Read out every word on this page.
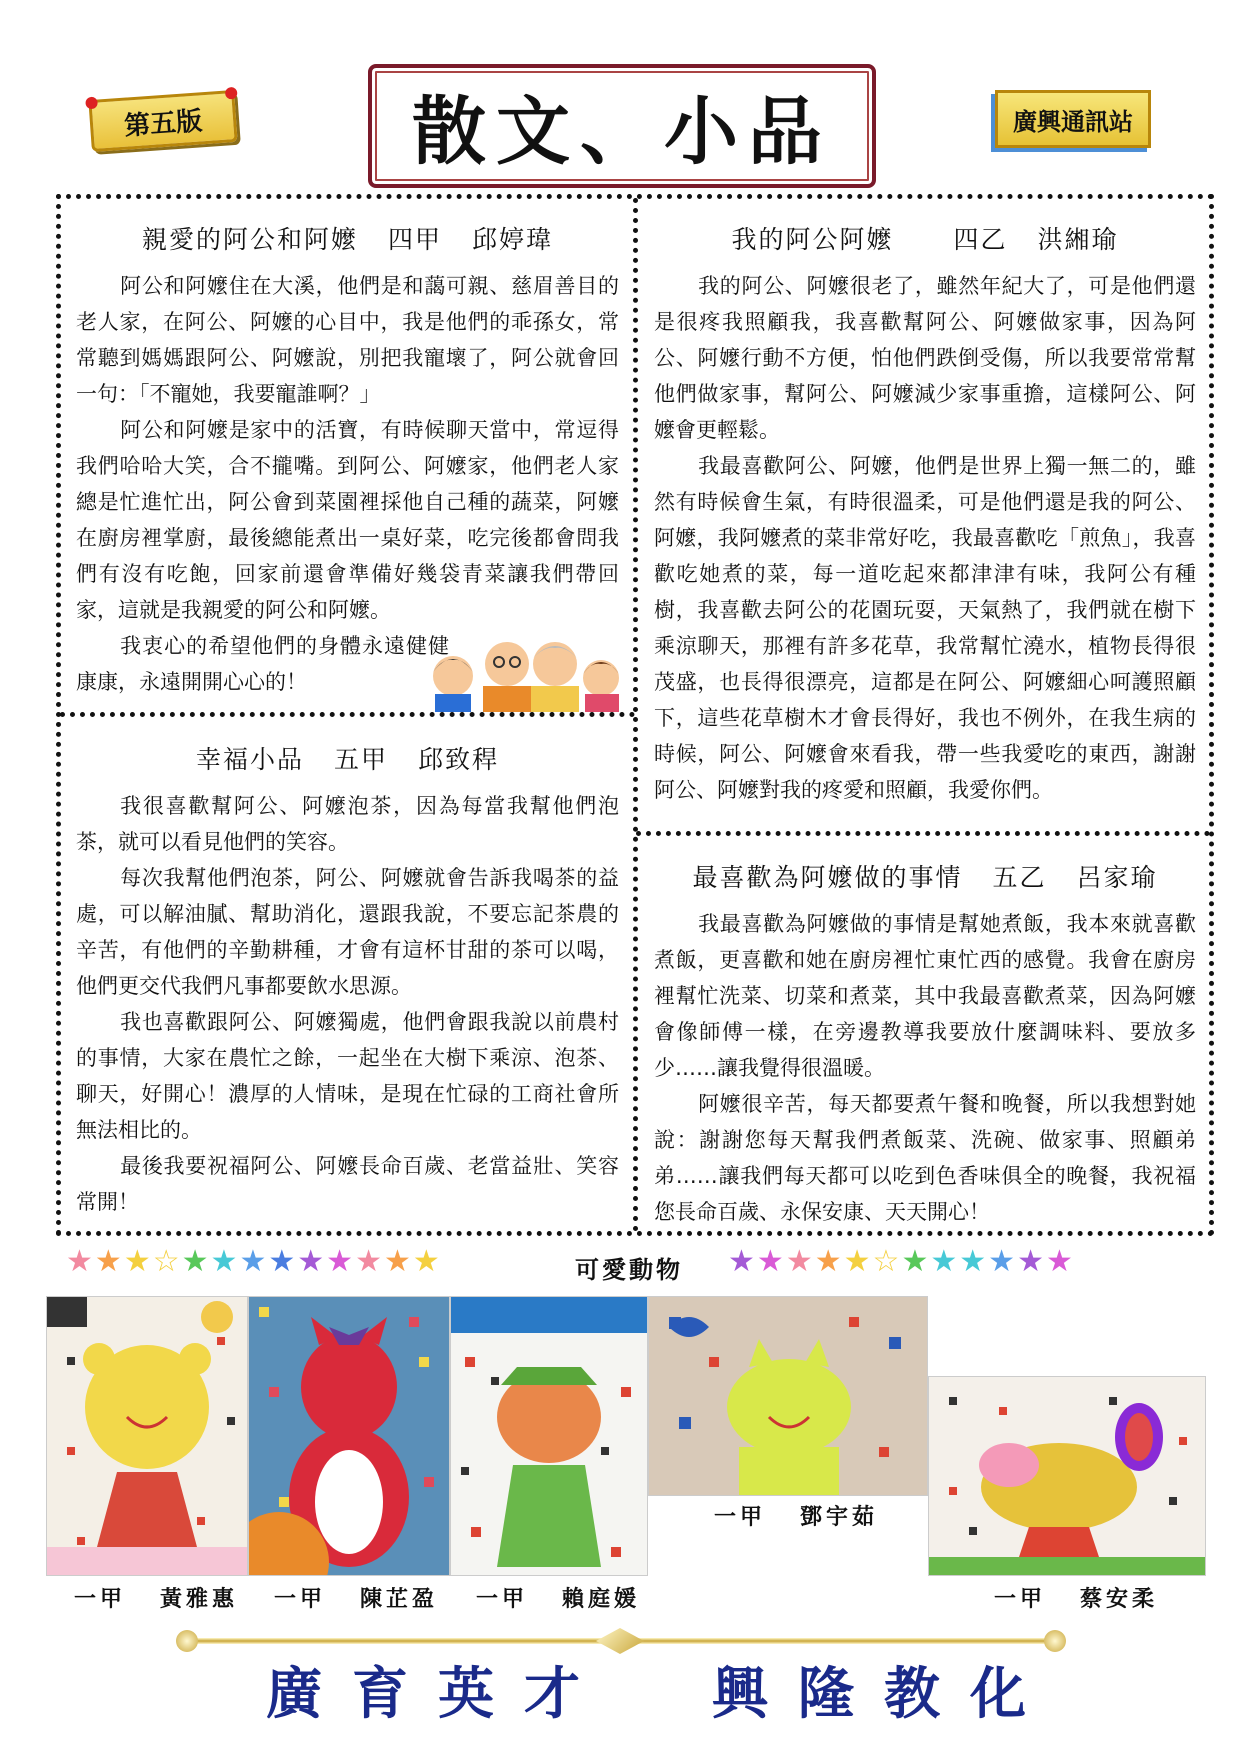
第五版	散文、小品	廣興通訊站
親愛的阿公和阿嬤 四甲 邱婷瑋

阿公和阿嬤住在大溪，他們是和藹可親、慈眉善目的老人家，在阿公、阿嬤的心目中，我是他們的乖孫女，常常聽到媽媽跟阿公、阿嬤說，別把我寵壞了，阿公就會回一句：「不寵她，我要寵誰啊？」

阿公和阿嬤是家中的活寶，有時候聊天當中，常逗得我們哈哈大笑，合不攏嘴。到阿公、阿嬤家，他們老人家總是忙進忙出，阿公會到菜園裡採他自己種的蔬菜，阿嬤在廚房裡掌廚，最後總能煮出一桌好菜，吃完後都會問我們有沒有吃飽，回家前還會準備好幾袋青菜讓我們帶回家，這就是我親愛的阿公和阿嬤。

我衷心的希望他們的身體永遠健健康康，永遠開開心心的！

幸福小品 五甲 邱致稈

我很喜歡幫阿公、阿嬤泡茶，因為每當我幫他們泡茶，就可以看見他們的笑容。

每次我幫他們泡茶，阿公、阿嬤就會告訴我喝茶的益處，可以解油膩、幫助消化，還跟我說，不要忘記茶農的辛苦，有他們的辛勤耕種，才會有這杯甘甜的茶可以喝，他們更交代我們凡事都要飲水思源。

我也喜歡跟阿公、阿嬤獨處，他們會跟我說以前農村的事情，大家在農忙之餘，一起坐在大樹下乘涼、泡茶、聊天，好開心！濃厚的人情味，是現在忙碌的工商社會所無法相比的。

最後我要祝福阿公、阿嬤長命百歲、老當益壯、笑容常開！

我的阿公阿嬤 四乙 洪緗瑜

我的阿公、阿嬤很老了，雖然年紀大了，可是他們還是很疼我照顧我，我喜歡幫阿公、阿嬤做家事，因為阿公、阿嬤行動不方便，怕他們跌倒受傷，所以我要常常幫他們做家事，幫阿公、阿嬤減少家事重擔，這樣阿公、阿嬤會更輕鬆。

我最喜歡阿公、阿嬤，他們是世界上獨一無二的，雖然有時候會生氣，有時很溫柔，可是他們還是我的阿公、阿嬤，我阿嬤煮的菜非常好吃，我最喜歡吃「煎魚」，我喜歡吃她煮的菜，每一道吃起來都津津有味，我阿公有種樹，我喜歡去阿公的花園玩耍，天氣熱了，我們就在樹下乘涼聊天，那裡有許多花草，我常幫忙澆水，植物長得很茂盛，也長得很漂亮，這都是在阿公、阿嬤細心呵護照顧下，這些花草樹木才會長得好，我也不例外，在我生病的時候，阿公、阿嬤會來看我，帶一些我愛吃的東西，謝謝阿公、阿嬤對我的疼愛和照顧，我愛你們。

最喜歡為阿嬤做的事情 五乙 呂家瑜

我最喜歡為阿嬤做的事情是幫她煮飯，我本來就喜歡煮飯，更喜歡和她在廚房裡忙東忙西的感覺。我會在廚房裡幫忙洗菜、切菜和煮菜，其中我最喜歡煮菜，因為阿嬤會像師傅一樣，在旁邊教導我要放什麼調味料、要放多少……讓我覺得很溫暖。

阿嬤很辛苦，每天都要煮午餐和晚餐，所以我想對她說：謝謝您每天幫我們煮飯菜、洗碗、做家事、照顧弟弟……讓我們每天都可以吃到色香味俱全的晚餐，我祝福您長命百歲、永保安康、天天開心！

★★★☆★★★★★★★★★	可愛動物 ★★★★★☆★★★★★★
一甲 黃雅惠 一甲 陳芷盈 一甲 賴庭媛
一甲 鄧宇茹
一甲 蔡安柔
廣育英才 興隆教化
